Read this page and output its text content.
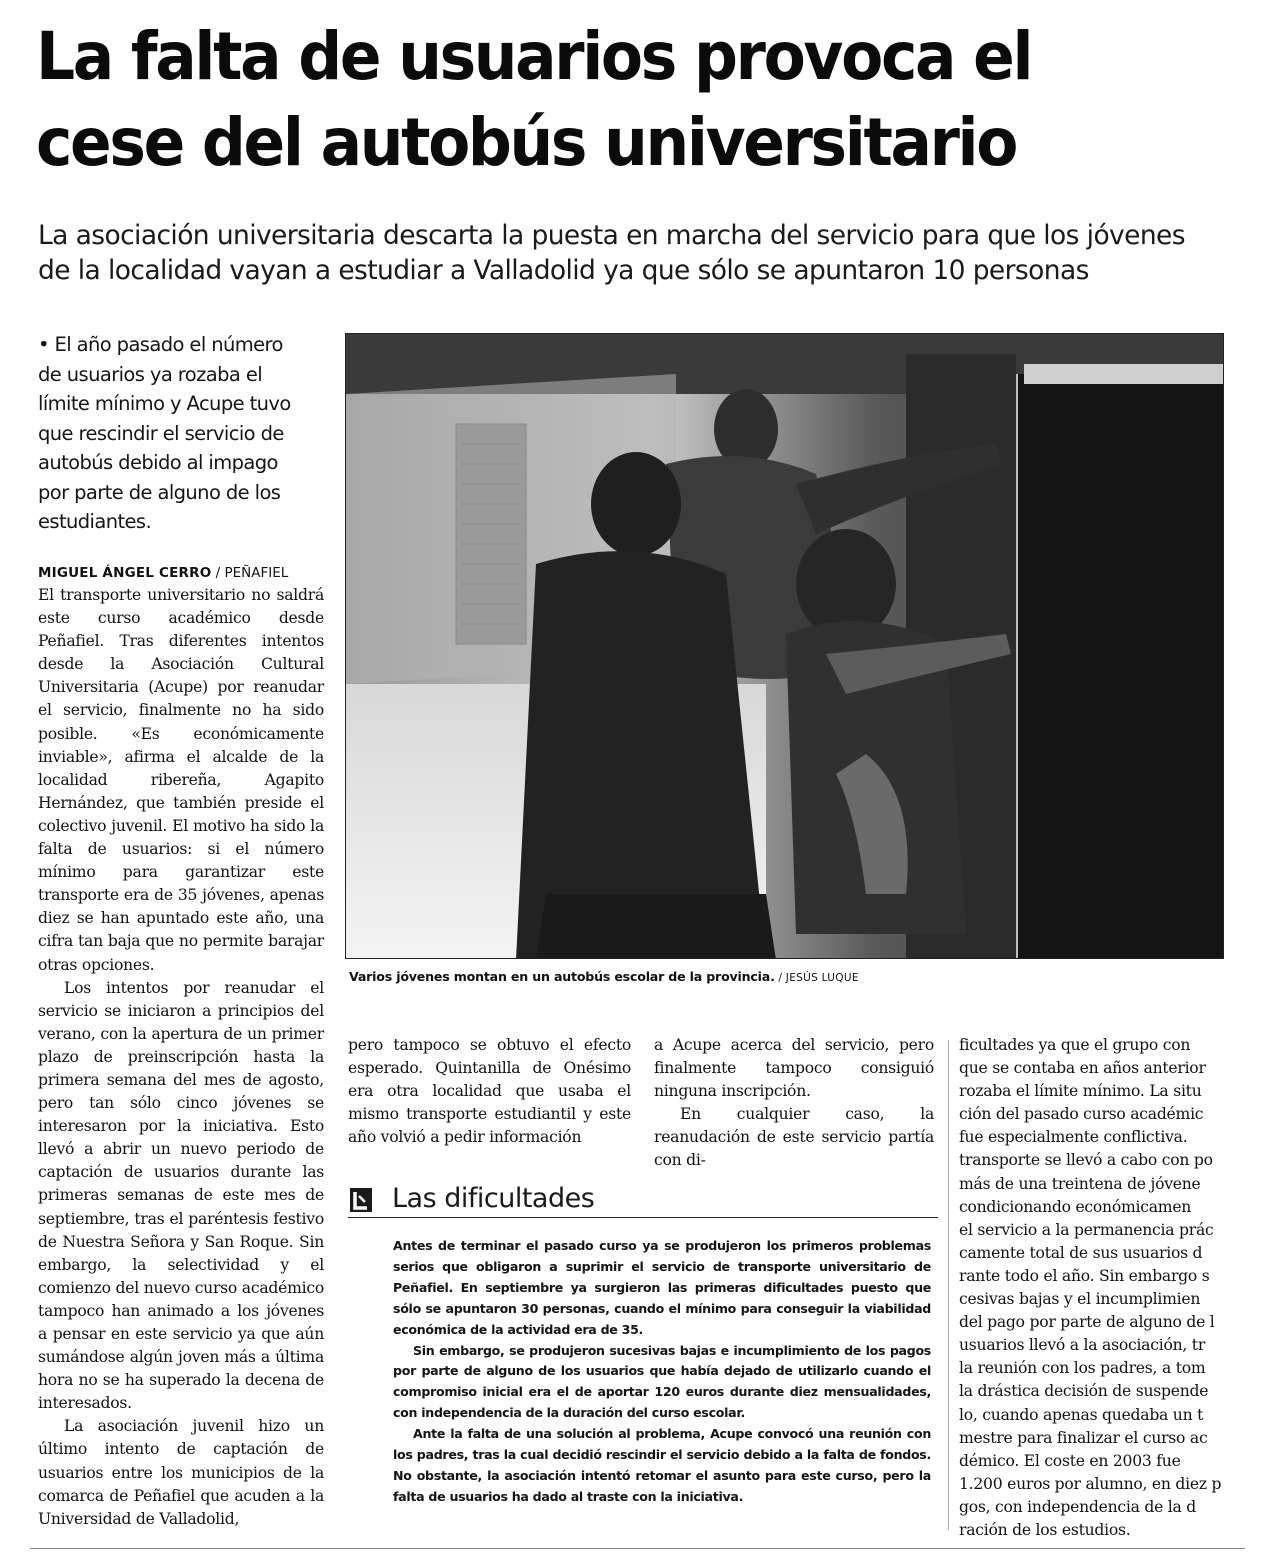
La falta de usuarios provoca el
cese del autobús universitario
La asociación universitaria descarta la puesta en marcha del servicio para que los jóvenes
de la localidad vayan a estudiar a Valladolid ya que sólo se apuntaron 10 personas
• El año pasado el número de usuarios ya rozaba el límite mínimo y Acupe tuvo que rescindir el servicio de autobús debido al impago por parte de alguno de los estudiantes.
MIGUEL ÁNGEL CERRO / PEÑAFIEL

El transporte universitario no saldrá este curso académico desde Peñafiel. Tras diferentes intentos desde la Asociación Cultural Universitaria (Acupe) por reanudar el servicio, finalmente no ha sido posible. «Es económicamente inviable», afirma el alcalde de la localidad ribereña, Agapito Hernández, que también preside el colectivo juvenil. El motivo ha sido la falta de usuarios: si el número mínimo para garantizar este transporte era de 35 jóvenes, apenas diez se han apuntado este año, una cifra tan baja que no permite barajar otras opciones.

Los intentos por reanudar el servicio se iniciaron a principios del verano, con la apertura de un primer plazo de preinscripción hasta la primera semana del mes de agosto, pero tan sólo cinco jóvenes se interesaron por la iniciativa. Esto llevó a abrir un nuevo periodo de captación de usuarios durante las primeras semanas de este mes de septiembre, tras el paréntesis festivo de Nuestra Señora y San Roque. Sin embargo, la selectividad y el comienzo del nuevo curso académico tampoco han animado a los jóvenes a pensar en este servicio ya que aún sumándose algún joven más a última hora no se ha superado la decena de interesados.

La asociación juvenil hizo un último intento de captación de usuarios entre los municipios de la comarca de Peñafiel que acuden a la Universidad de Valladolid,

Varios jóvenes montan en un autobús escolar de la provincia. / JESÚS LUQUE

pero tampoco se obtuvo el efecto esperado. Quintanilla de Onésimo era otra localidad que usaba el mismo transporte estudiantil y este año volvió a pedir información

a Acupe acerca del servicio, pero finalmente tampoco consiguió ninguna inscripción.

En cualquier caso, la reanudación de este servicio partía con di-

ficultades ya que el grupo con
que se contaba en años anterior
rozaba el límite mínimo. La situ
ción del pasado curso académic
fue especialmente conflictiva.
transporte se llevó a cabo con po
más de una treintena de jóvene
condicionando económicamen
el servicio a la permanencia prác
camente total de sus usuarios d
rante todo el año. Sin embargo s
cesivas bajas y el incumplimien
del pago por parte de alguno de l
usuarios llevó a la asociación, tr
la reunión con los padres, a tom
la drástica decisión de suspende
lo, cuando apenas quedaba un t
mestre para finalizar el curso ac
démico. El coste en 2003 fue
1.200 euros por alumno, en diez p
gos, con independencia de la d
ración de los estudios.
Las dificultades

Antes de terminar el pasado curso ya se produjeron los primeros problemas serios que obligaron a suprimir el servicio de transporte universitario de Peñafiel. En septiembre ya surgieron las primeras dificultades puesto que sólo se apuntaron 30 personas, cuando el mínimo para conseguir la viabilidad económica de la actividad era de 35.

Sin embargo, se produjeron sucesivas bajas e incumplimiento de los pagos por parte de alguno de los usuarios que había dejado de utilizarlo cuando el compromiso inicial era el de aportar 120 euros durante diez mensualidades, con independencia de la duración del curso escolar.

Ante la falta de una solución al problema, Acupe convocó una reunión con los padres, tras la cual decidió rescindir el servicio debido a la falta de fondos. No obstante, la asociación intentó retomar el asunto para este curso, pero la falta de usuarios ha dado al traste con la iniciativa.
